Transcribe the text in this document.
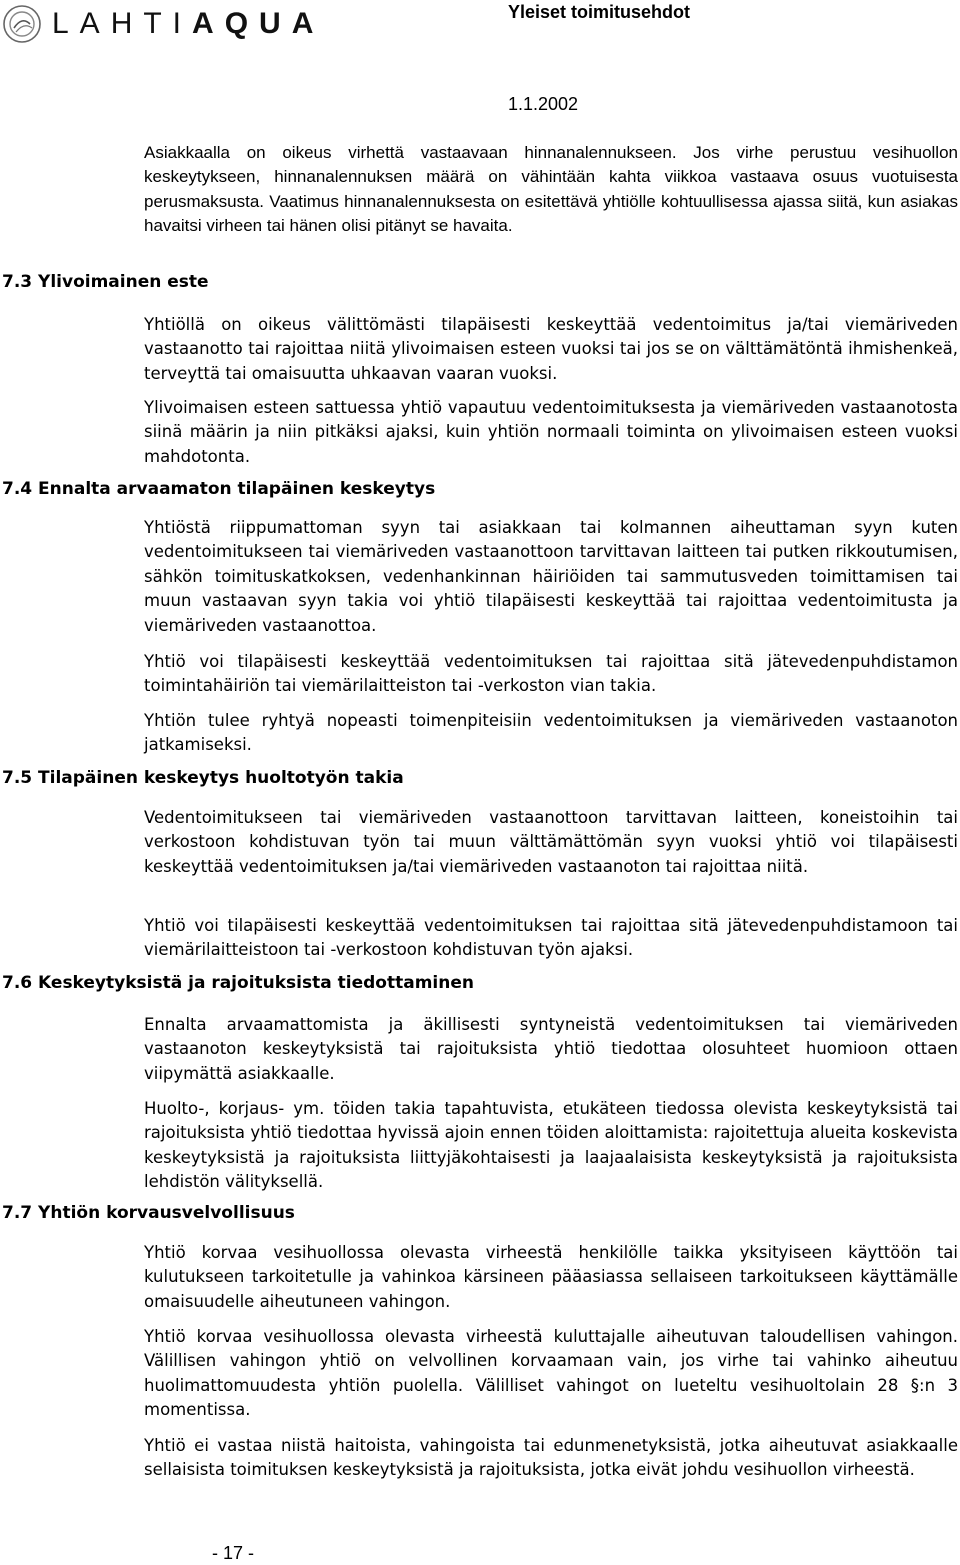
LAHTIAQUA	Yleiset toimitusehdot
1.1.2002

Asiakkaalla on oikeus virhettä vastaavaan hinnanalennukseen. Jos virhe perustuu vesihuollon keskeytykseen, hinnanalennuksen määrä on vähintään kahta viikkoa vastaava osuus vuotuisesta perusmaksusta. Vaatimus hinnanalennuksesta on esitettävä yhtiölle kohtuullisessa ajassa siitä, kun asiakas havaitsi virheen tai hänen olisi pitänyt se havaita.

7.3 Ylivoimainen este

Yhtiöllä on oikeus välittömästi tilapäisesti keskeyttää vedentoimitus ja/tai viemäriveden vastaanotto tai rajoittaa niitä ylivoimaisen esteen vuoksi tai jos se on välttämätöntä ihmishenkeä, terveyttä tai omaisuutta uhkaavan vaaran vuoksi.

Ylivoimaisen esteen sattuessa yhtiö vapautuu vedentoimituksesta ja viemäriveden vastaanotosta siinä määrin ja niin pitkäksi ajaksi, kuin yhtiön normaali toiminta on ylivoimaisen esteen vuoksi mahdotonta.

7.4 Ennalta arvaamaton tilapäinen keskeytys

Yhtiöstä riippumattoman syyn tai asiakkaan tai kolmannen aiheuttaman syyn kuten vedentoimitukseen tai viemäriveden vastaanottoon tarvittavan laitteen tai putken rikkoutumisen, sähkön toimituskatkoksen, vedenhankinnan häiriöiden tai sammutusveden toimittamisen tai muun vastaavan syyn takia voi yhtiö tilapäisesti keskeyttää tai rajoittaa vedentoimitusta ja viemäriveden vastaanottoa.

Yhtiö voi tilapäisesti keskeyttää vedentoimituksen tai rajoittaa sitä jätevedenpuhdistamon toimintahäiriön tai viemärilaitteiston tai -verkoston vian takia.

Yhtiön tulee ryhtyä nopeasti toimenpiteisiin vedentoimituksen ja viemäriveden vastaanoton jatkamiseksi.

7.5 Tilapäinen keskeytys huoltotyön takia

Vedentoimitukseen tai viemäriveden vastaanottoon tarvittavan laitteen, koneistoihin tai verkostoon kohdistuvan työn tai muun välttämättömän syyn vuoksi yhtiö voi tilapäisesti keskeyttää vedentoimituksen ja/tai viemäriveden vastaanoton tai rajoittaa niitä.

Yhtiö voi tilapäisesti keskeyttää vedentoimituksen tai rajoittaa sitä jätevedenpuhdistamoon tai viemärilaitteistoon tai -verkostoon kohdistuvan työn ajaksi.

7.6 Keskeytyksistä ja rajoituksista tiedottaminen

Ennalta arvaamattomista ja äkillisesti syntyneistä vedentoimituksen tai viemäriveden vastaanoton keskeytyksistä tai rajoituksista yhtiö tiedottaa olosuhteet huomioon ottaen viipymättä asiakkaalle.

Huolto-, korjaus- ym. töiden takia tapahtuvista, etukäteen tiedossa olevista keskeytyksistä tai rajoituksista yhtiö tiedottaa hyvissä ajoin ennen töiden aloittamista: rajoitettuja alueita koskevista keskeytyksistä ja rajoituksista liittyjäkohtaisesti ja laajaalaisista keskeytyksistä ja rajoituksista lehdistön välityksellä.

7.7 Yhtiön korvausvelvollisuus

Yhtiö korvaa vesihuollossa olevasta virheestä henkilölle taikka yksityiseen käyttöön tai kulutukseen tarkoitetulle ja vahinkoa kärsineen pääasiassa sellaiseen tarkoitukseen käyttämälle omaisuudelle aiheutuneen vahingon.

Yhtiö korvaa vesihuollossa olevasta virheestä kuluttajalle aiheutuvan taloudellisen vahingon. Välillisen vahingon yhtiö on velvollinen korvaamaan vain, jos virhe tai vahinko aiheutuu huolimattomuudesta yhtiön puolella. Välilliset vahingot on lueteltu vesihuoltolain 28 §:n 3 momentissa.

Yhtiö ei vastaa niistä haitoista, vahingoista tai edunmenetyksistä, jotka aiheutuvat asiakkaalle sellaisista toimituksen keskeytyksistä ja rajoituksista, jotka eivät johdu vesihuollon virheestä.

- 17 -
